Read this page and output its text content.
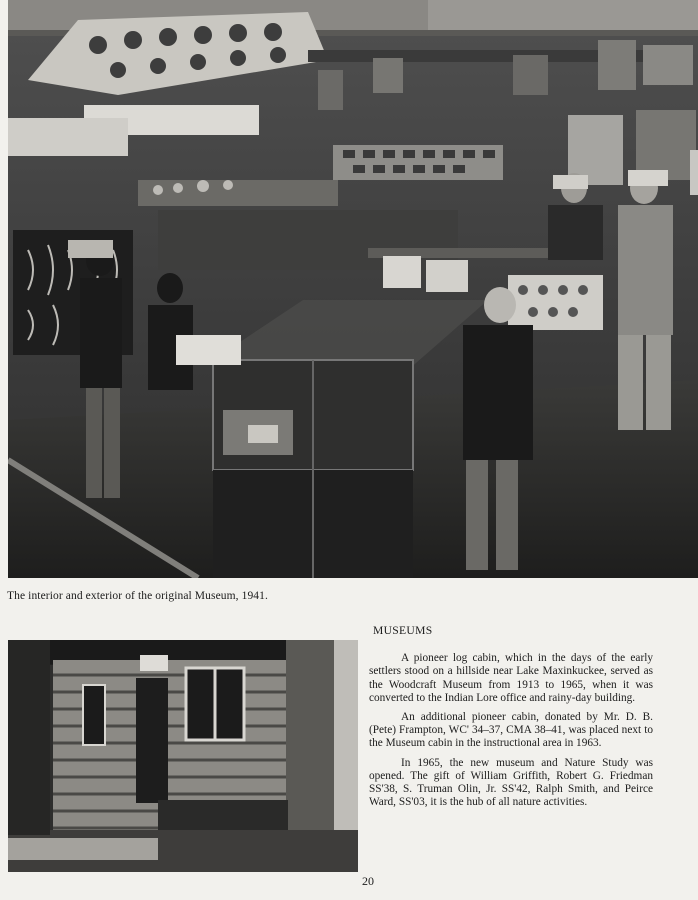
The interior and exterior of the original Museum, 1941.
MUSEUMS

A pioneer log cabin, which in the days of the early settlers stood on a hillside near Lake Maxinkuckee, served as the Woodcraft Museum from 1913 to 1965, when it was converted to the Indian Lore office and rainy-day building.

An additional pioneer cabin, donated by Mr. D. B. (Pete) Frampton, WC' 34–37, CMA 38–41, was placed next to the Museum cabin in the instructional area in 1963.

In 1965, the new museum and Nature Study was opened. The gift of William Griffith, Robert G. Friedman SS'38, S. Truman Olin, Jr. SS'42, Ralph Smith, and Peirce Ward, SS'03, it is the hub of all nature activities.

20
